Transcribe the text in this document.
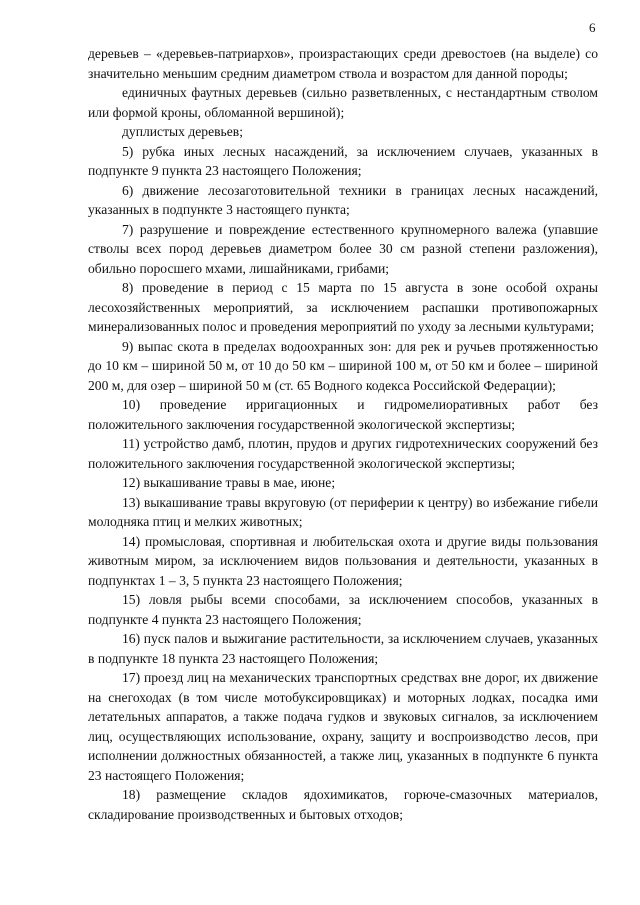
6

деревьев – «деревьев-патриархов», произрастающих среди древостоев (на выделе) со значительно меньшим средним диаметром ствола и возрастом для данной породы;

единичных фаутных деревьев (сильно разветвленных, с нестандартным стволом или формой кроны, обломанной вершиной);

дуплистых деревьев;

5) рубка иных лесных насаждений, за исключением случаев, указанных в подпункте 9 пункта 23 настоящего Положения;

6) движение лесозаготовительной техники в границах лесных насаждений, указанных в подпункте 3 настоящего пункта;

7) разрушение и повреждение естественного крупномерного валежа (упавшие стволы всех пород деревьев диаметром более 30 см разной степени разложения), обильно поросшего мхами, лишайниками, грибами;

8) проведение в период с 15 марта по 15 августа в зоне особой охраны лесохозяйственных мероприятий, за исключением распашки противопожарных минерализованных полос и проведения мероприятий по уходу за лесными культурами;

9) выпас скота в пределах водоохранных зон: для рек и ручьев протяженностью до 10 км – шириной 50 м, от 10 до 50 км – шириной 100 м, от 50 км и более – шириной 200 м, для озер – шириной 50 м (ст. 65 Водного кодекса Российской Федерации);

10) проведение ирригационных и гидромелиоративных работ без положительного заключения государственной экологической экспертизы;

11) устройство дамб, плотин, прудов и других гидротехнических сооружений без положительного заключения государственной экологической экспертизы;

12) выкашивание травы в мае, июне;

13) выкашивание травы вкруговую (от периферии к центру) во избежание гибели молодняка птиц и мелких животных;

14) промысловая, спортивная и любительская охота и другие виды пользования животным миром, за исключением видов пользования и деятельности, указанных в подпунктах 1 – 3, 5 пункта 23 настоящего Положения;

15) ловля рыбы всеми способами, за исключением способов, указанных в подпункте 4 пункта 23 настоящего Положения;

16) пуск палов и выжигание растительности, за исключением случаев, указанных в подпункте 18 пункта 23 настоящего Положения;

17) проезд лиц на механических транспортных средствах вне дорог, их движение на снегоходах (в том числе мотобуксировщиках) и моторных лодках, посадка ими летательных аппаратов, а также подача гудков и звуковых сигналов, за исключением лиц, осуществляющих использование, охрану, защиту и воспроизводство лесов, при исполнении должностных обязанностей, а также лиц, указанных в подпункте 6 пункта 23 настоящего Положения;

18) размещение складов ядохимикатов, горюче-смазочных материалов, складирование производственных и бытовых отходов;
